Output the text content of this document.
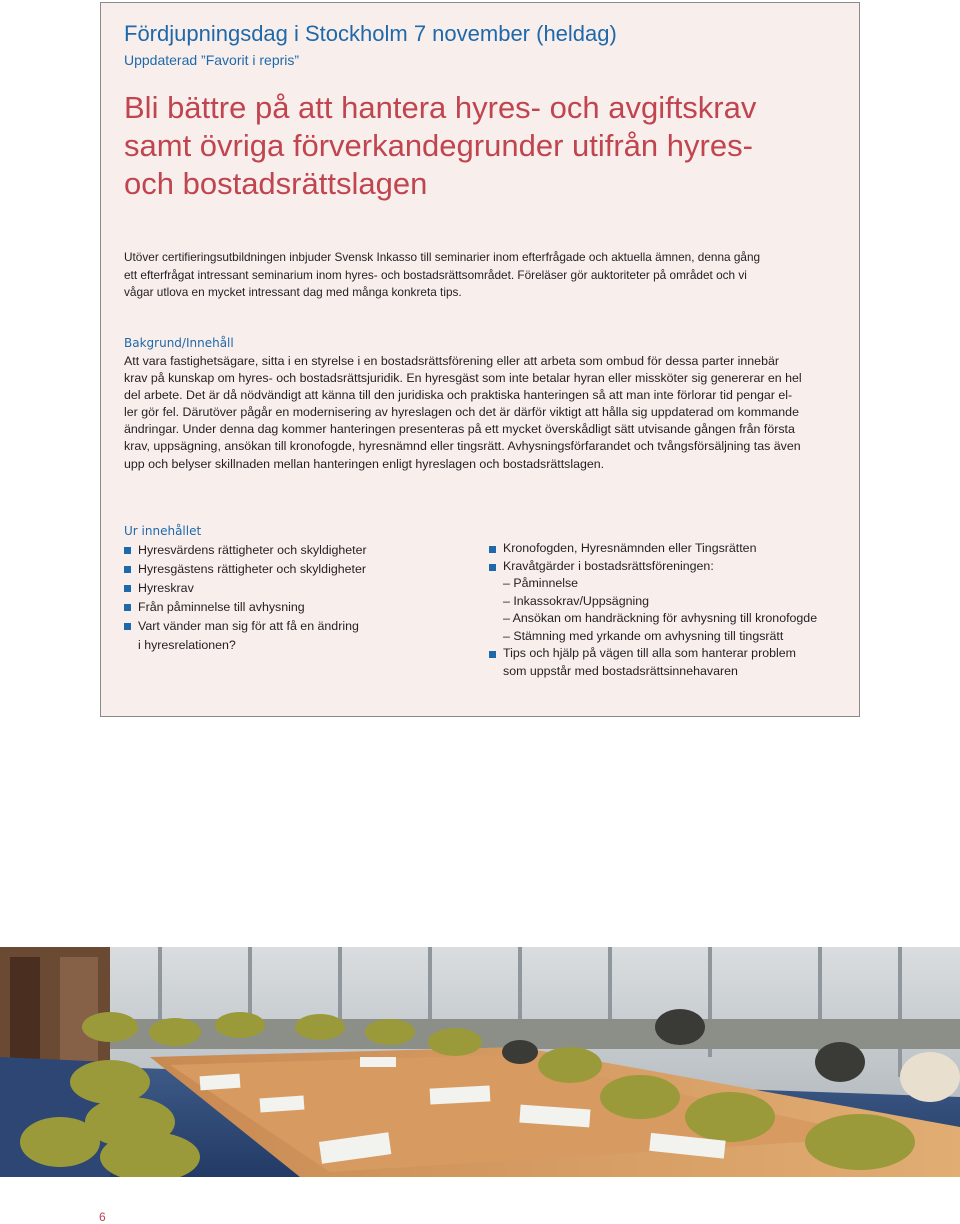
Fördjupningsdag i Stockholm 7 november (heldag)
Uppdaterad ”Favorit i repris”
Bli bättre på att hantera hyres- och avgiftskrav
samt övriga förverkandegrunder utifrån hyres-
och bostadsrättslagen
Utöver certifieringsutbildningen inbjuder Svensk Inkasso till seminarier inom efterfrågade och aktuella ämnen, denna gång
ett efterfrågat intressant seminarium inom hyres- och bostadsrättsområdet. Föreläser gör auktoriteter på området och vi
vågar utlova en mycket intressant dag med många konkreta tips.
Bakgrund/Innehåll
Att vara fastighetsägare, sitta i en styrelse i en bostadsrättsförening eller att arbeta som ombud för dessa parter innebär
krav på kunskap om hyres- och bostadsrättsjuridik. En hyresgäst som inte betalar hyran eller missköter sig genererar en hel
del arbete. Det är då nödvändigt att känna till den juridiska och praktiska hanteringen så att man inte förlorar tid pengar el-
ler gör fel. Därutöver pågår en modernisering av hyreslagen och det är därför viktigt att hålla sig uppdaterad om kommande
ändringar. Under denna dag kommer hanteringen presenteras på ett mycket överskådligt sätt utvisande gången från första
krav, uppsägning, ansökan till kronofogde, hyresnämnd eller tingsrätt. Avhysningsförfarandet och tvångsförsäljning tas även
upp och belyser skillnaden mellan hanteringen enligt hyreslagen och bostadsrättslagen.
Ur innehållet
Hyresvärdens rättigheter och skyldigheter
Hyresgästens rättigheter och skyldigheter
Hyreskrav
Från påminnelse till avhysning
Vart vänder man sig för att få en ändring
i hyresrelationen?
Kronofogden, Hyresnämnden eller Tingsrätten
Kravåtgärder i bostadsrättsföreningen:
– Påminnelse
– Inkassokrav/Uppsägning
– Ansökan om handräckning för avhysning till kronofogde
– Stämning med yrkande om avhysning till tingsrätt
Tips och hjälp på vägen till alla som hanterar problem
som uppstår med bostadsrättsinnehavaren
6
